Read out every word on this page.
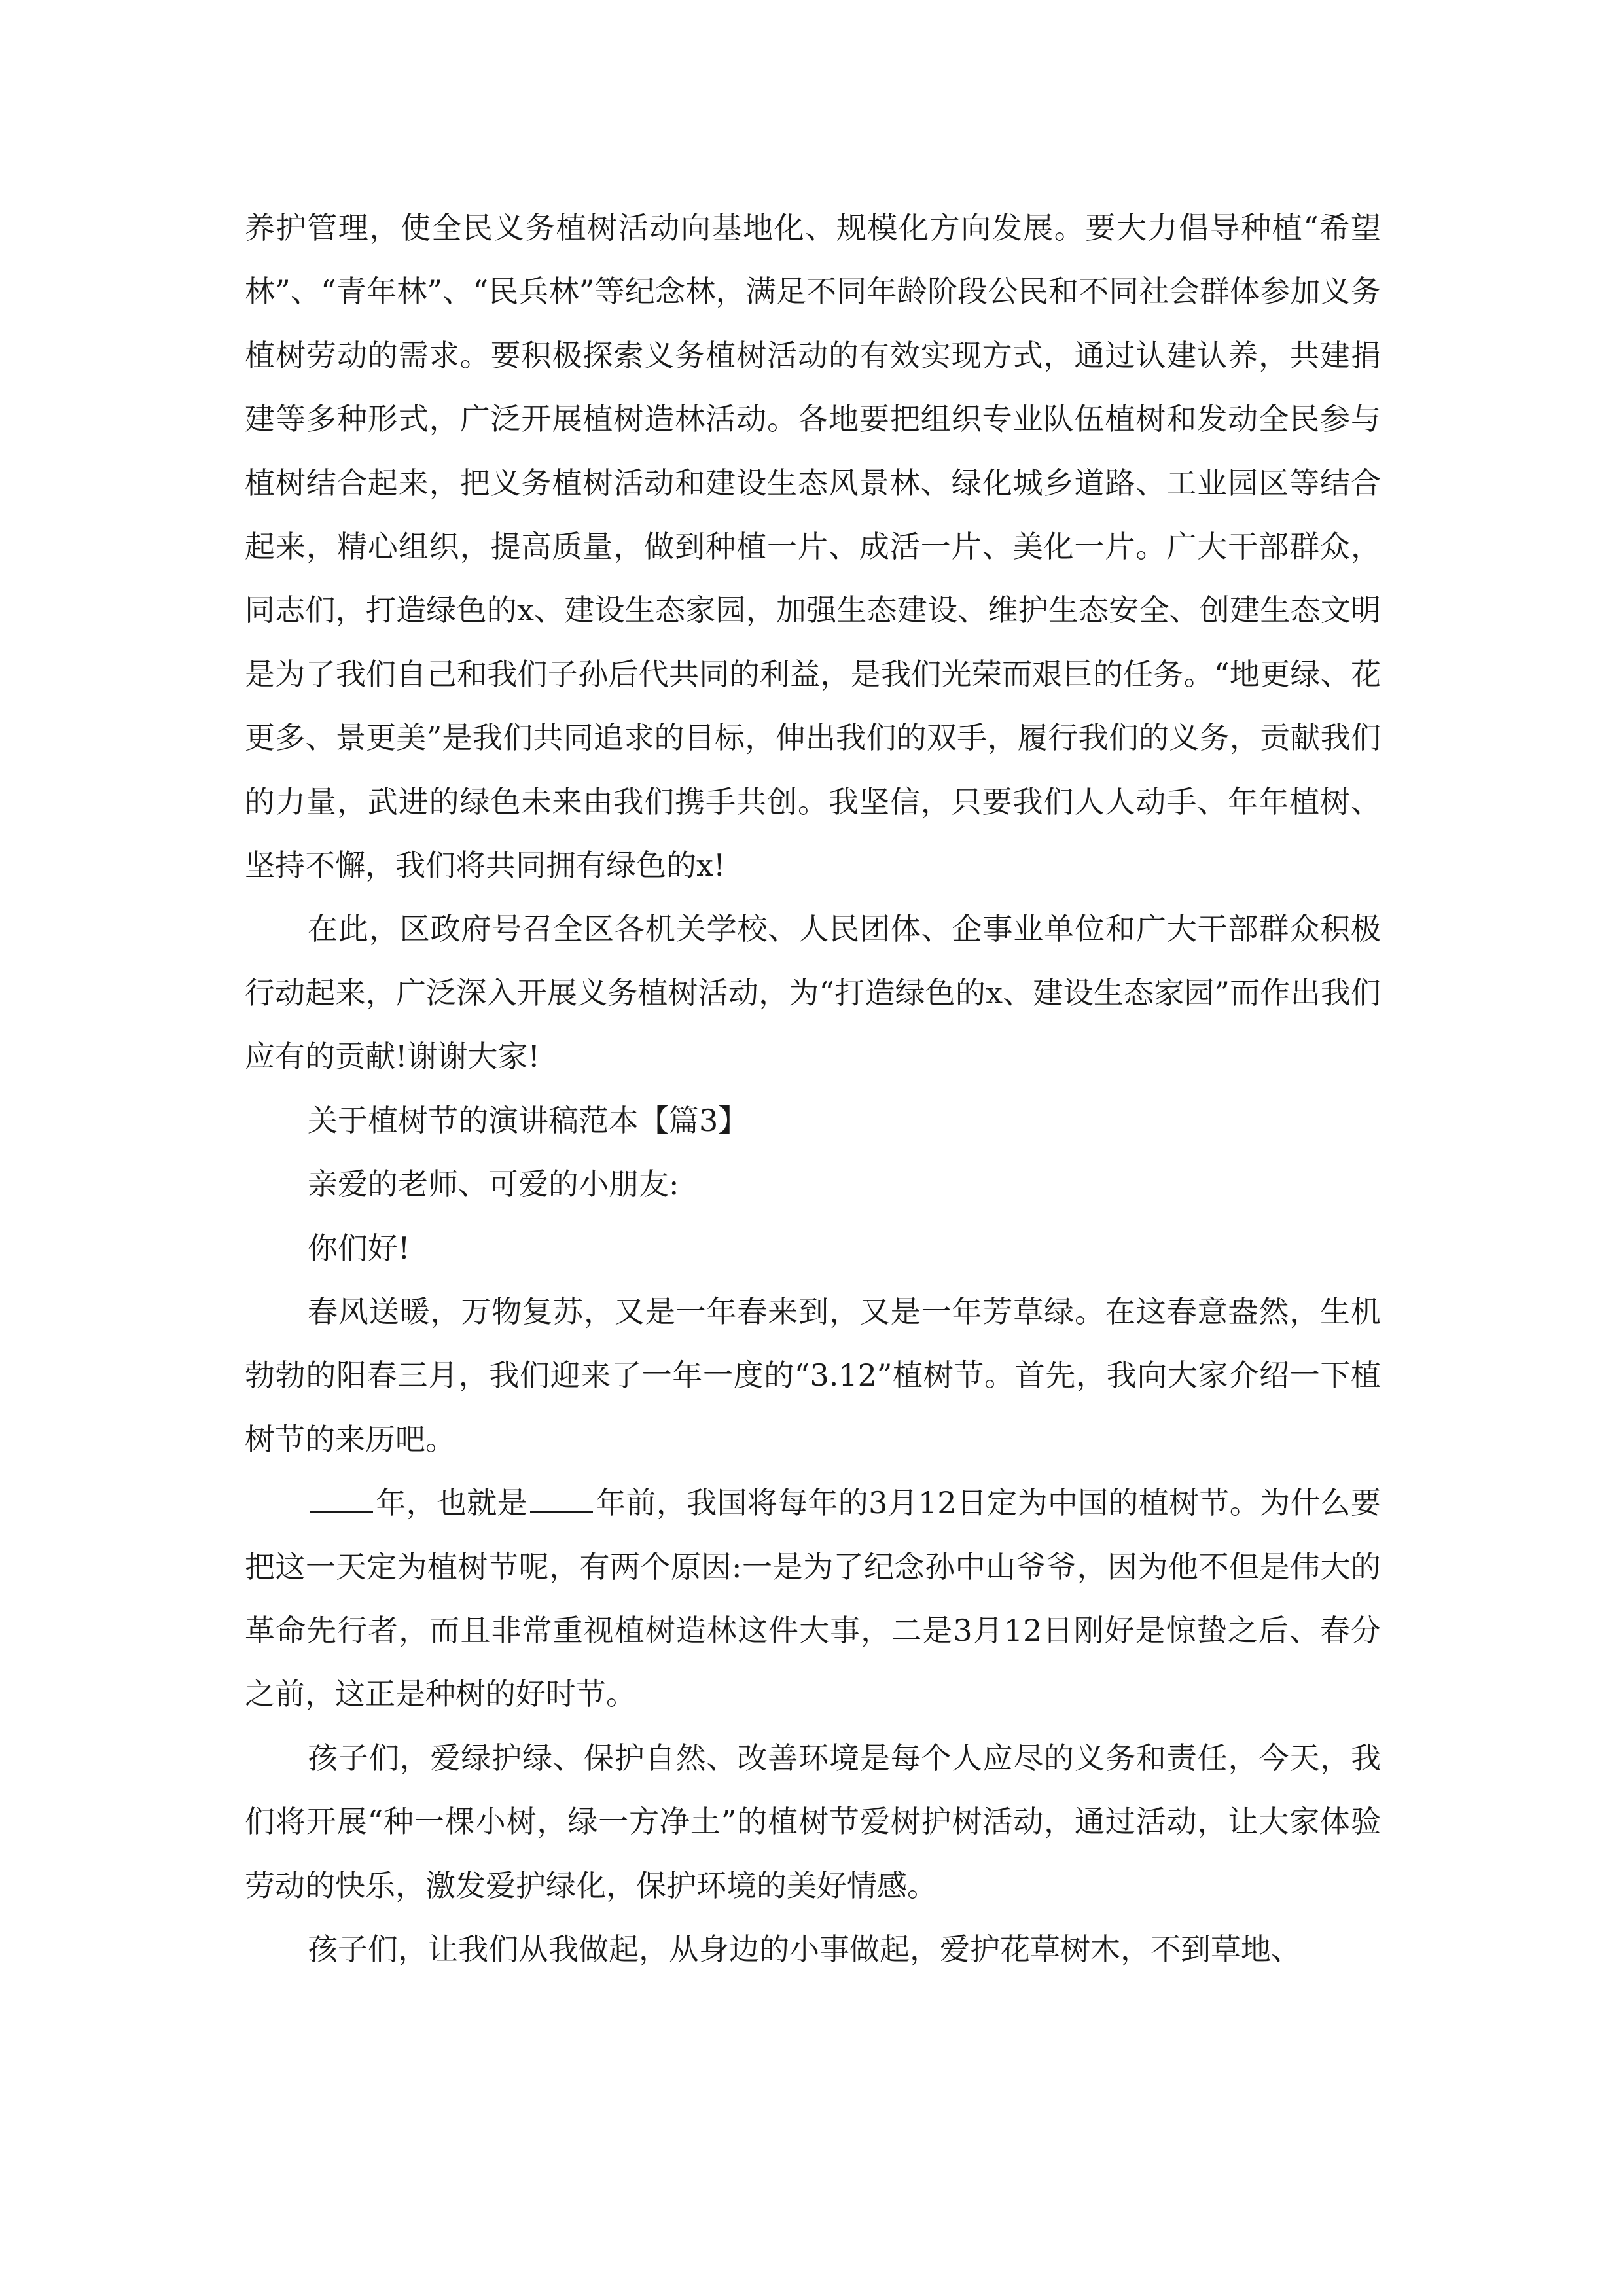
养护管理，使全民义务植树活动向基地化、规模化方向发展。要大力倡导种植“希望林”、“青年林”、“民兵林”等纪念林，满足不同年龄阶段公民和不同社会群体参加义务植树劳动的需求。要积极探索义务植树活动的有效实现方式，通过认建认养，共建捐建等多种形式，广泛开展植树造林活动。各地要把组织专业队伍植树和发动全民参与植树结合起来，把义务植树活动和建设生态风景林、绿化城乡道路、工业园区等结合起来，精心组织，提高质量，做到种植一片、成活一片、美化一片。广大干部群众，同志们，打造绿色的x、建设生态家园，加强生态建设、维护生态安全、创建生态文明是为了我们自己和我们子孙后代共同的利益，是我们光荣而艰巨的任务。“地更绿、花更多、景更美”是我们共同追求的目标，伸出我们的双手，履行我们的义务，贡献我们的力量，武进的绿色未来由我们携手共创。我坚信，只要我们人人动手、年年植树、坚持不懈，我们将共同拥有绿色的x!

在此，区政府号召全区各机关学校、人民团体、企事业单位和广大干部群众积极行动起来，广泛深入开展义务植树活动，为“打造绿色的x、建设生态家园”而作出我们应有的贡献!谢谢大家!

关于植树节的演讲稿范本【篇3】

亲爱的老师、可爱的小朋友:

你们好!

春风送暖，万物复苏，又是一年春来到，又是一年芳草绿。在这春意盎然，生机勃勃的阳春三月，我们迎来了一年一度的“3.12”植树节。首先，我向大家介绍一下植树节的来历吧。

年，也就是 年前，我国将每年的3月12日定为中国的植树节。为什么要把这一天定为植树节呢，有两个原因:一是为了纪念孙中山爷爷，因为他不但是伟大的革命先行者，而且非常重视植树造林这件大事，二是3月12日刚好是惊蛰之后、春分之前，这正是种树的好时节。

孩子们，爱绿护绿、保护自然、改善环境是每个人应尽的义务和责任，今天，我们将开展“种一棵小树，绿一方净土”的植树节爱树护树活动，通过活动，让大家体验劳动的快乐，激发爱护绿化，保护环境的美好情感。

孩子们，让我们从我做起，从身边的小事做起，爱护花草树木，不到草地、
